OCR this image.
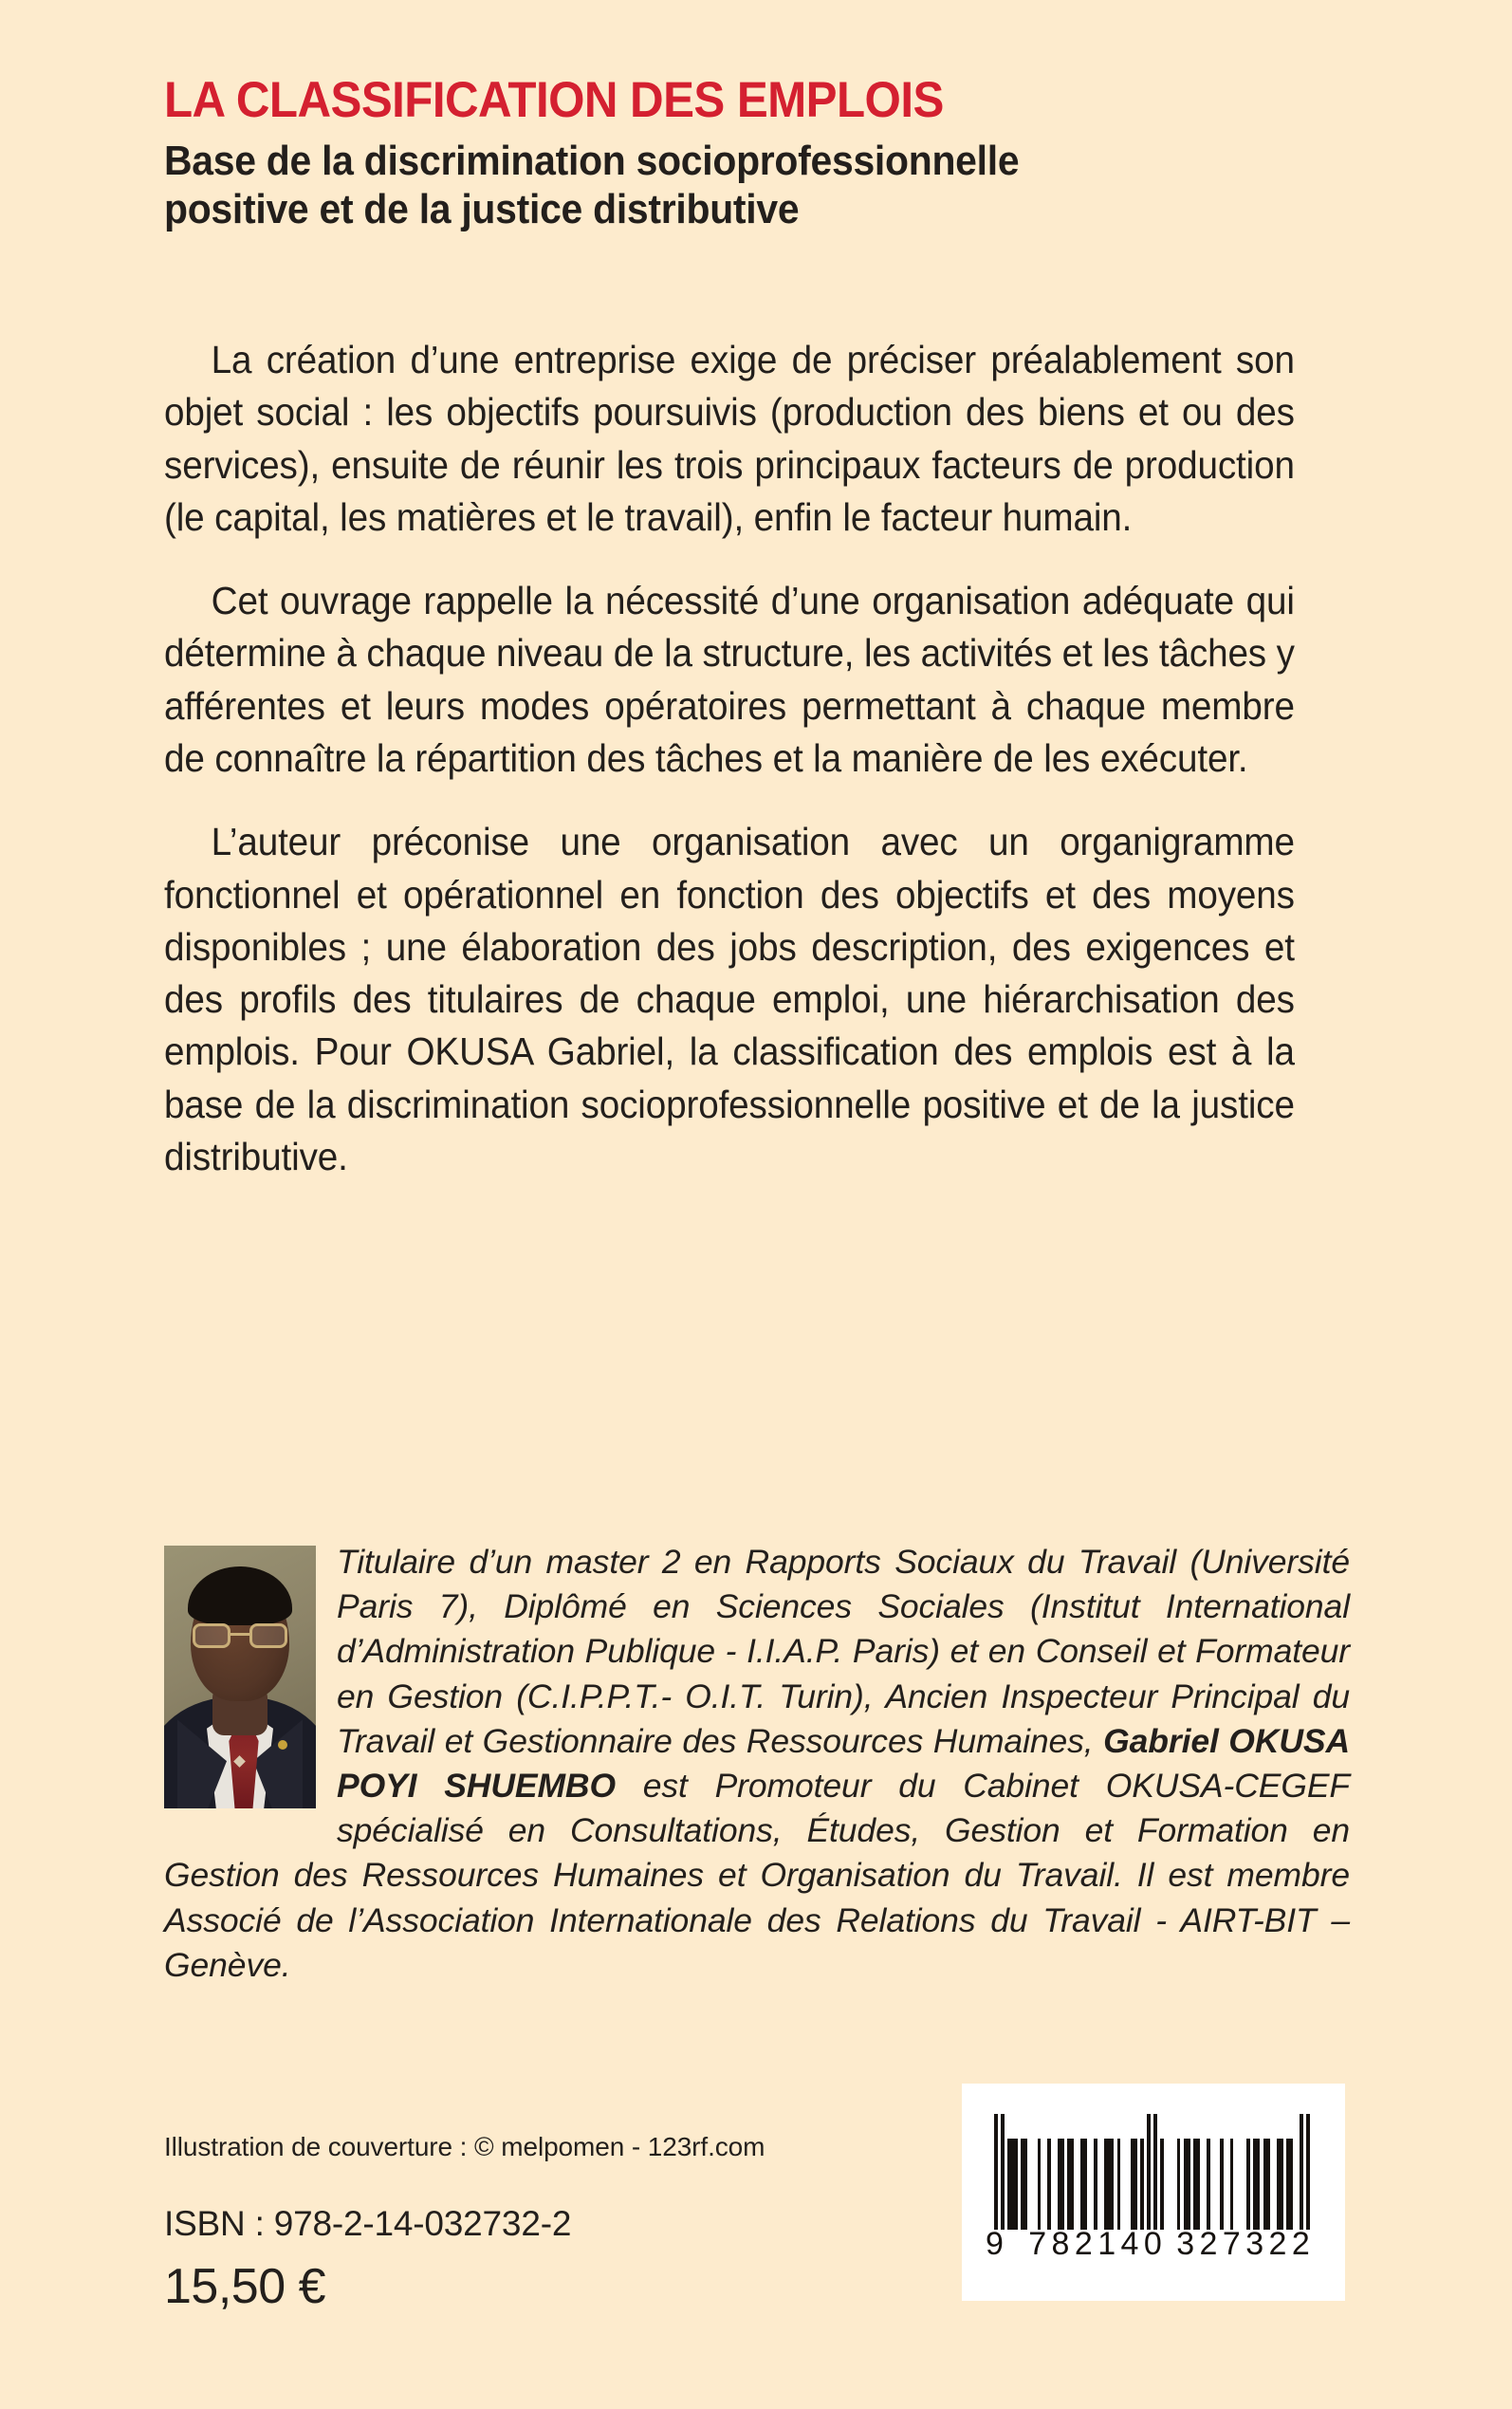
LA CLASSIFICATION DES EMPLOIS
Base de la discrimination socioprofessionnelle
positive et de la justice distributive

La création d’une entreprise exige de préciser préalablement son objet social : les objectifs poursuivis (production des biens et ou des services), ensuite de réunir les trois principaux facteurs de production (le capital, les matières et le travail), enfin le facteur humain.

Cet ouvrage rappelle la nécessité d’une organisation adéquate qui détermine à chaque niveau de la structure, les activités et les tâches y afférentes et leurs modes opératoires permettant à chaque membre de connaître la répartition des tâches et la manière de les exécuter.

L’auteur préconise une organisation avec un organigramme fonctionnel et opérationnel en fonction des objectifs et des moyens disponibles ; une élaboration des jobs description, des exigences et des profils des titulaires de chaque emploi, une hiérarchisation des emplois. Pour OKUSA Gabriel, la classification des emplois est à la base de la discrimination socioprofessionnelle positive et de la justice distributive.

Titulaire d’un master 2 en Rapports Sociaux du Travail (Université Paris 7), Diplômé en Sciences Sociales (Institut International d’Administration Publique - I.I.A.P. Paris) et en Conseil et Formateur en Gestion (C.I.P.P.T.- O.I.T. Turin), Ancien Inspecteur Principal du Travail et Gestionnaire des Ressources Humaines, Gabriel OKUSA POYI SHUEMBO est Promoteur du Cabinet OKUSA-CEGEF spécialisé en Consultations, Études, Gestion et Formation en Gestion des Ressources Humaines et Organisation du Travail. Il est membre Associé de l’Association Internationale des Relations du Travail - AIRT-BIT – Genève.

Illustration de couverture : © melpomen - 123rf.com

ISBN : 978-2-14-032732-2

15,50 €

9 7 8 2 1 4 0 3 2 7 3 2 2
